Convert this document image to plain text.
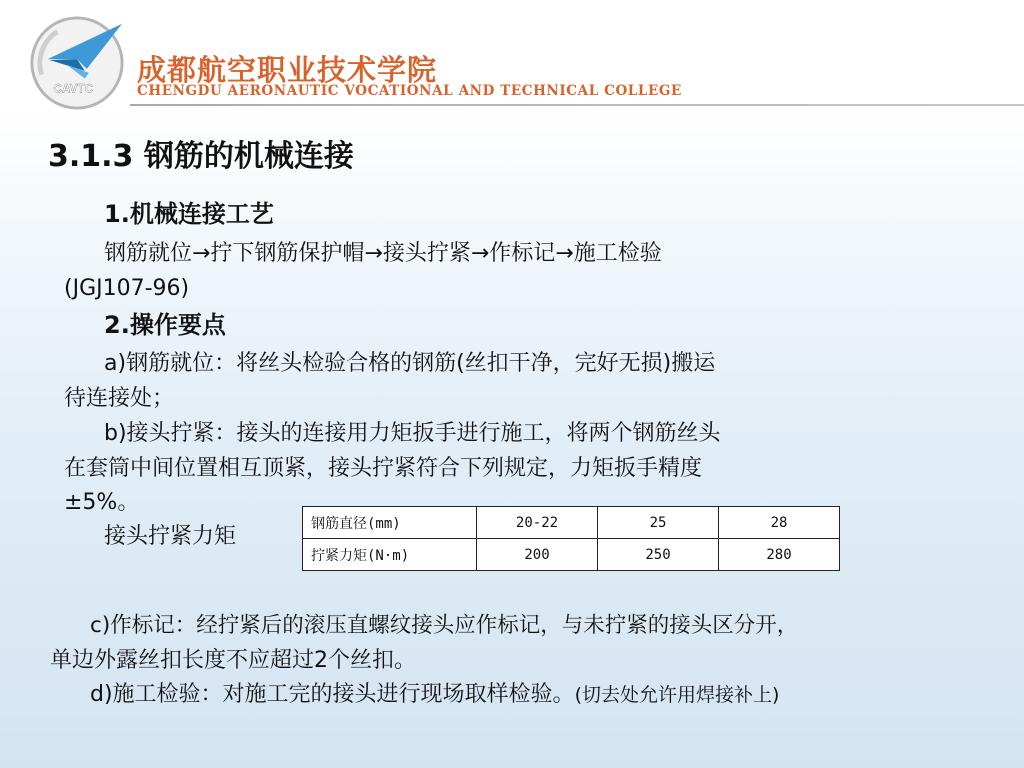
CAVTC
成都航空职业技术学院
CHENGDU AERONAUTIC VOCATIONAL AND TECHNICAL COLLEGE
3.1.3 钢筋的机械连接
1.机械连接工艺
钢筋就位→拧下钢筋保护帽→接头拧紧→作标记→施工检验
(JGJ107-96)
2.操作要点
a)钢筋就位：将丝头检验合格的钢筋(丝扣干净，完好无损)搬运
待连接处；
b)接头拧紧：接头的连接用力矩扳手进行施工，将两个钢筋丝头
在套筒中间位置相互顶紧，接头拧紧符合下列规定，力矩扳手精度
±5%。
接头拧紧力矩
钢筋直径(mm)	20-22	25	28
拧紧力矩(N·m)	200	250	280
c)作标记：经拧紧后的滚压直螺纹接头应作标记，与未拧紧的接头区分开，
单边外露丝扣长度不应超过2个丝扣。
d)施工检验：对施工完的接头进行现场取样检验。(切去处允许用焊接补上)
